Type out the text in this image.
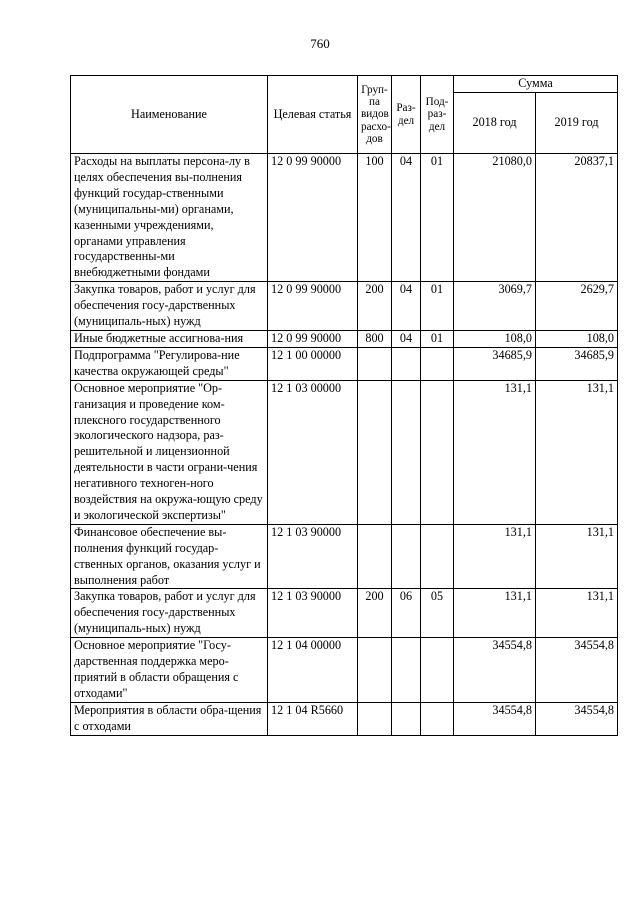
760
Наименование	Целевая статья	Груп-па видов расхо-дов	Раз-дел	Под-раз-дел	Сумма	
					2018 год	2019 год
Расходы на выплаты персона-лу в целях обеспечения вы-полнения функций государ-ственными (муниципальны-ми) органами, казенными учреждениями, органами управления государственны-ми внебюджетными фондами	12 0 99 90000	100	04	01	21080,0	20837,1
Закупка товаров, работ и услуг для обеспечения госу-дарственных (муниципаль-ных) нужд	12 0 99 90000	200	04	01	3069,7	2629,7
Иные бюджетные ассигнова-ния	12 0 99 90000	800	04	01	108,0	108,0
Подпрограмма "Регулирова-ние качества окружающей среды"	12 1 00 00000				34685,9	34685,9
Основное мероприятие "Ор-ганизация и проведение ком-плексного государственного экологического надзора, раз-решительной и лицензионной деятельности в части ограни-чения негативного техноген-ного воздействия на окружа-ющую среду и экологической экспертизы"	12 1 03 00000				131,1	131,1
Финансовое обеспечение вы-полнения функций государ-ственных органов, оказания услуг и выполнения работ	12 1 03 90000				131,1	131,1
Закупка товаров, работ и услуг для обеспечения госу-дарственных (муниципаль-ных) нужд	12 1 03 90000	200	06	05	131,1	131,1
Основное мероприятие "Госу-дарственная поддержка меро-приятий в области обращения с отходами"	12 1 04 00000				34554,8	34554,8
Мероприятия в области обра-щения с отходами	12 1 04 R5660				34554,8	34554,8
